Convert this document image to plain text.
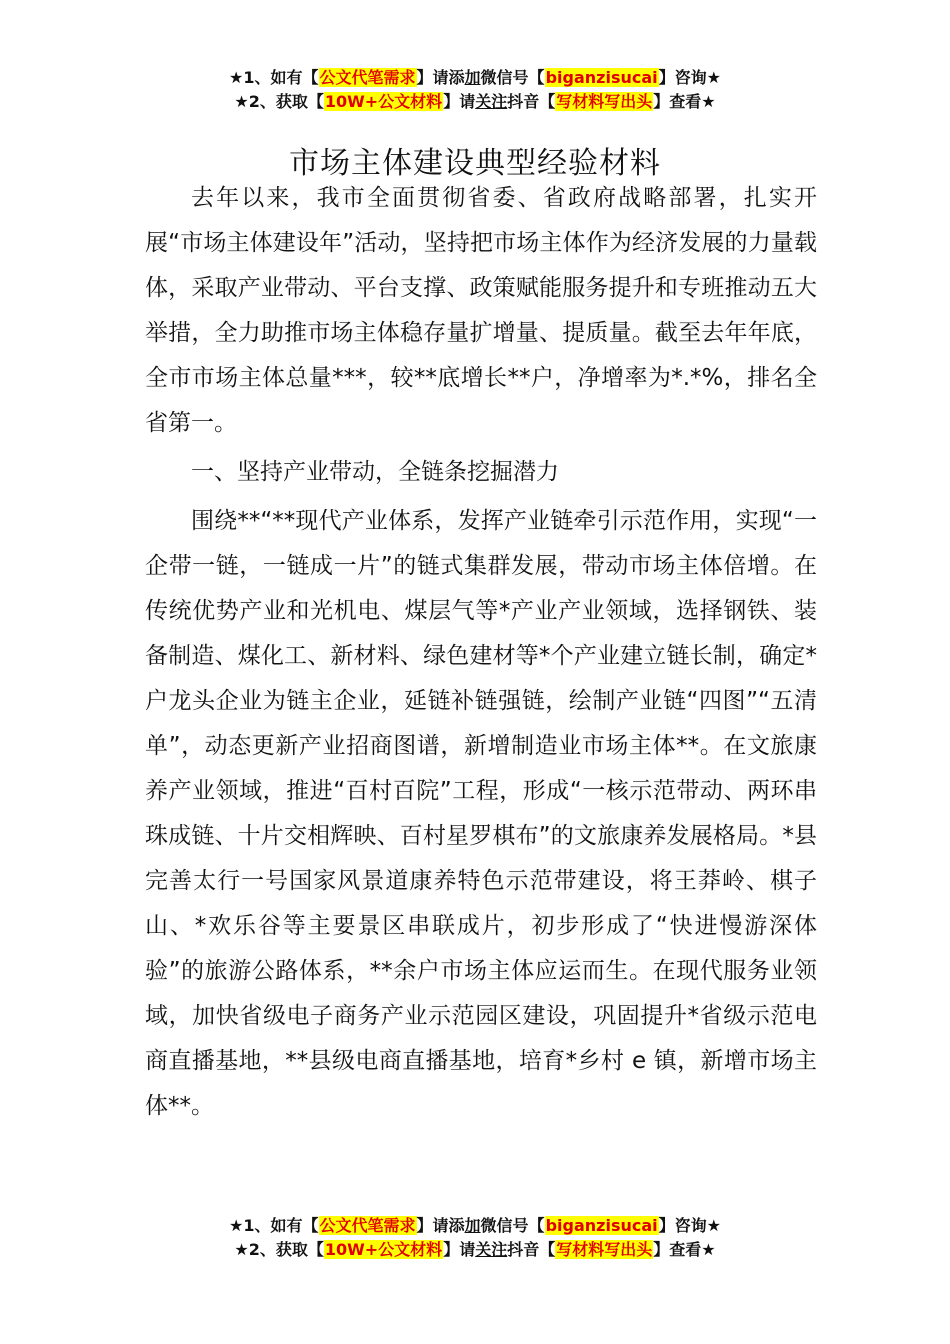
★1、如有【公文代笔需求】请添加微信号【biganzisucai】咨询★
★2、获取【10W+公文材料】请关注抖音【写材料写出头】查看★
市场主体建设典型经验材料

去年以来，我市全面贯彻省委、省政府战略部署，扎实开展“市场主体建设年”活动，坚持把市场主体作为经济发展的力量载体，采取产业带动、平台支撑、政策赋能服务提升和专班推动五大举措，全力助推市场主体稳存量扩增量、提质量。截至去年年底，全市市场主体总量***，较**底增长**户，净增率为*.*%，排名全省第一。

一、坚持产业带动，全链条挖掘潜力

围绕**“**现代产业体系，发挥产业链牵引示范作用，实现“一企带一链，一链成一片”的链式集群发展，带动市场主体倍增。在传统优势产业和光机电、煤层气等*产业产业领域，选择钢铁、装备制造、煤化工、新材料、绿色建材等*个产业建立链长制，确定*户龙头企业为链主企业，延链补链强链，绘制产业链“四图”“五清单”，动态更新产业招商图谱，新增制造业市场主体**。在文旅康养产业领域，推进“百村百院”工程，形成“一核示范带动、两环串珠成链、十片交相辉映、百村星罗棋布”的文旅康养发展格局。*县完善太行一号国家风景道康养特色示范带建设，将王莽岭、棋子山、*欢乐谷等主要景区串联成片，初步形成了“快进慢游深体验”的旅游公路体系，**余户市场主体应运而生。在现代服务业领域，加快省级电子商务产业示范园区建设，巩固提升*省级示范电商直播基地，**县级电商直播基地，培育*乡村 e 镇，新增市场主体**。

★1、如有【公文代笔需求】请添加微信号【biganzisucai】咨询★
★2、获取【10W+公文材料】请关注抖音【写材料写出头】查看★
